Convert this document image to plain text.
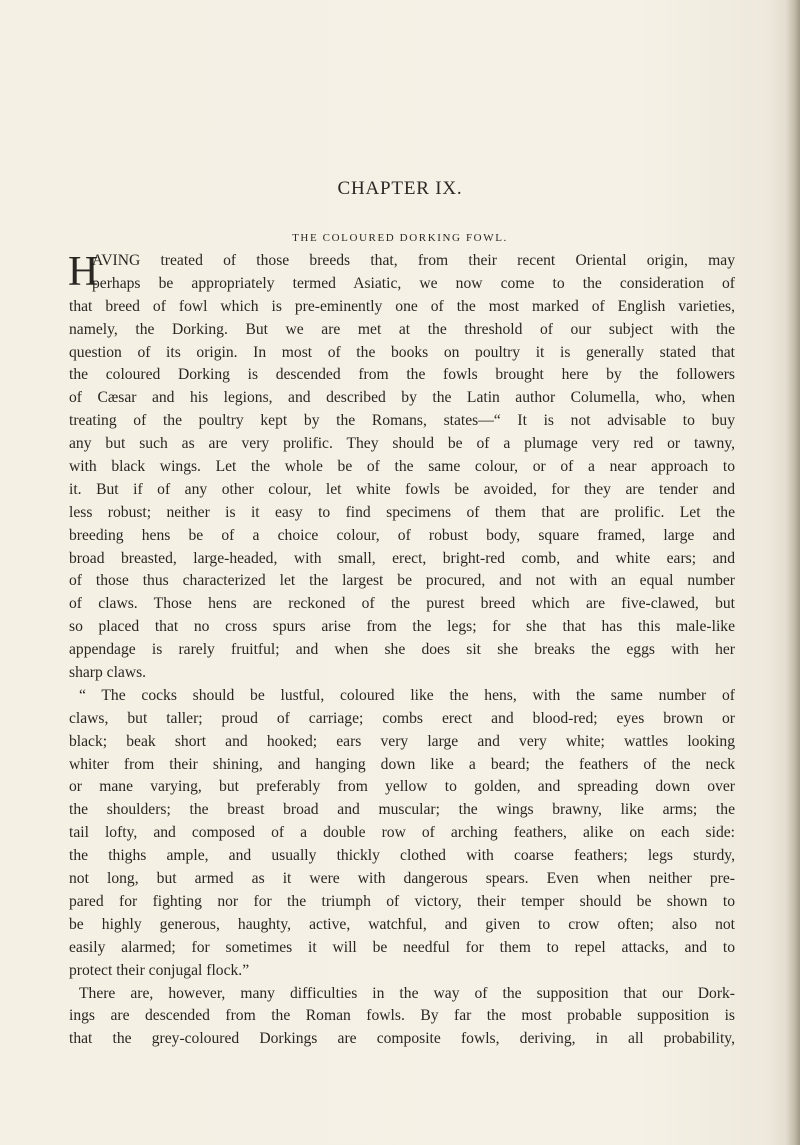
CHAPTER IX.
THE COLOURED DORKING FOWL.
H
AVING treated of those breeds that, from their recent Oriental origin, may
perhaps be appropriately termed Asiatic, we now come to the consideration of
that breed of fowl which is pre-eminently one of the most marked of English varieties,
namely, the Dorking. But we are met at the threshold of our subject with the
question of its origin. In most of the books on poultry it is generally stated that
the coloured Dorking is descended from the fowls brought here by the followers
of Cæsar and his legions, and described by the Latin author Columella, who, when
treating of the poultry kept by the Romans, states—“ It is not advisable to buy
any but such as are very prolific. They should be of a plumage very red or tawny,
with black wings. Let the whole be of the same colour, or of a near approach to
it. But if of any other colour, let white fowls be avoided, for they are tender and
less robust; neither is it easy to find specimens of them that are prolific. Let the
breeding hens be of a choice colour, of robust body, square framed, large and
broad breasted, large-headed, with small, erect, bright-red comb, and white ears; and
of those thus characterized let the largest be procured, and not with an equal number
of claws. Those hens are reckoned of the purest breed which are five-clawed, but
so placed that no cross spurs arise from the legs; for she that has this male-like
appendage is rarely fruitful; and when she does sit she breaks the eggs with her
sharp claws.
“ The cocks should be lustful, coloured like the hens, with the same number of
claws, but taller; proud of carriage; combs erect and blood-red; eyes brown or
black; beak short and hooked; ears very large and very white; wattles looking
whiter from their shining, and hanging down like a beard; the feathers of the neck
or mane varying, but preferably from yellow to golden, and spreading down over
the shoulders; the breast broad and muscular; the wings brawny, like arms; the
tail lofty, and composed of a double row of arching feathers, alike on each side:
the thighs ample, and usually thickly clothed with coarse feathers; legs sturdy,
not long, but armed as it were with dangerous spears. Even when neither pre-
pared for fighting nor for the triumph of victory, their temper should be shown to
be highly generous, haughty, active, watchful, and given to crow often; also not
easily alarmed; for sometimes it will be needful for them to repel attacks, and to
protect their conjugal flock.”
There are, however, many difficulties in the way of the supposition that our Dork-
ings are descended from the Roman fowls. By far the most probable supposition is
that the grey-coloured Dorkings are composite fowls, deriving, in all probability,
